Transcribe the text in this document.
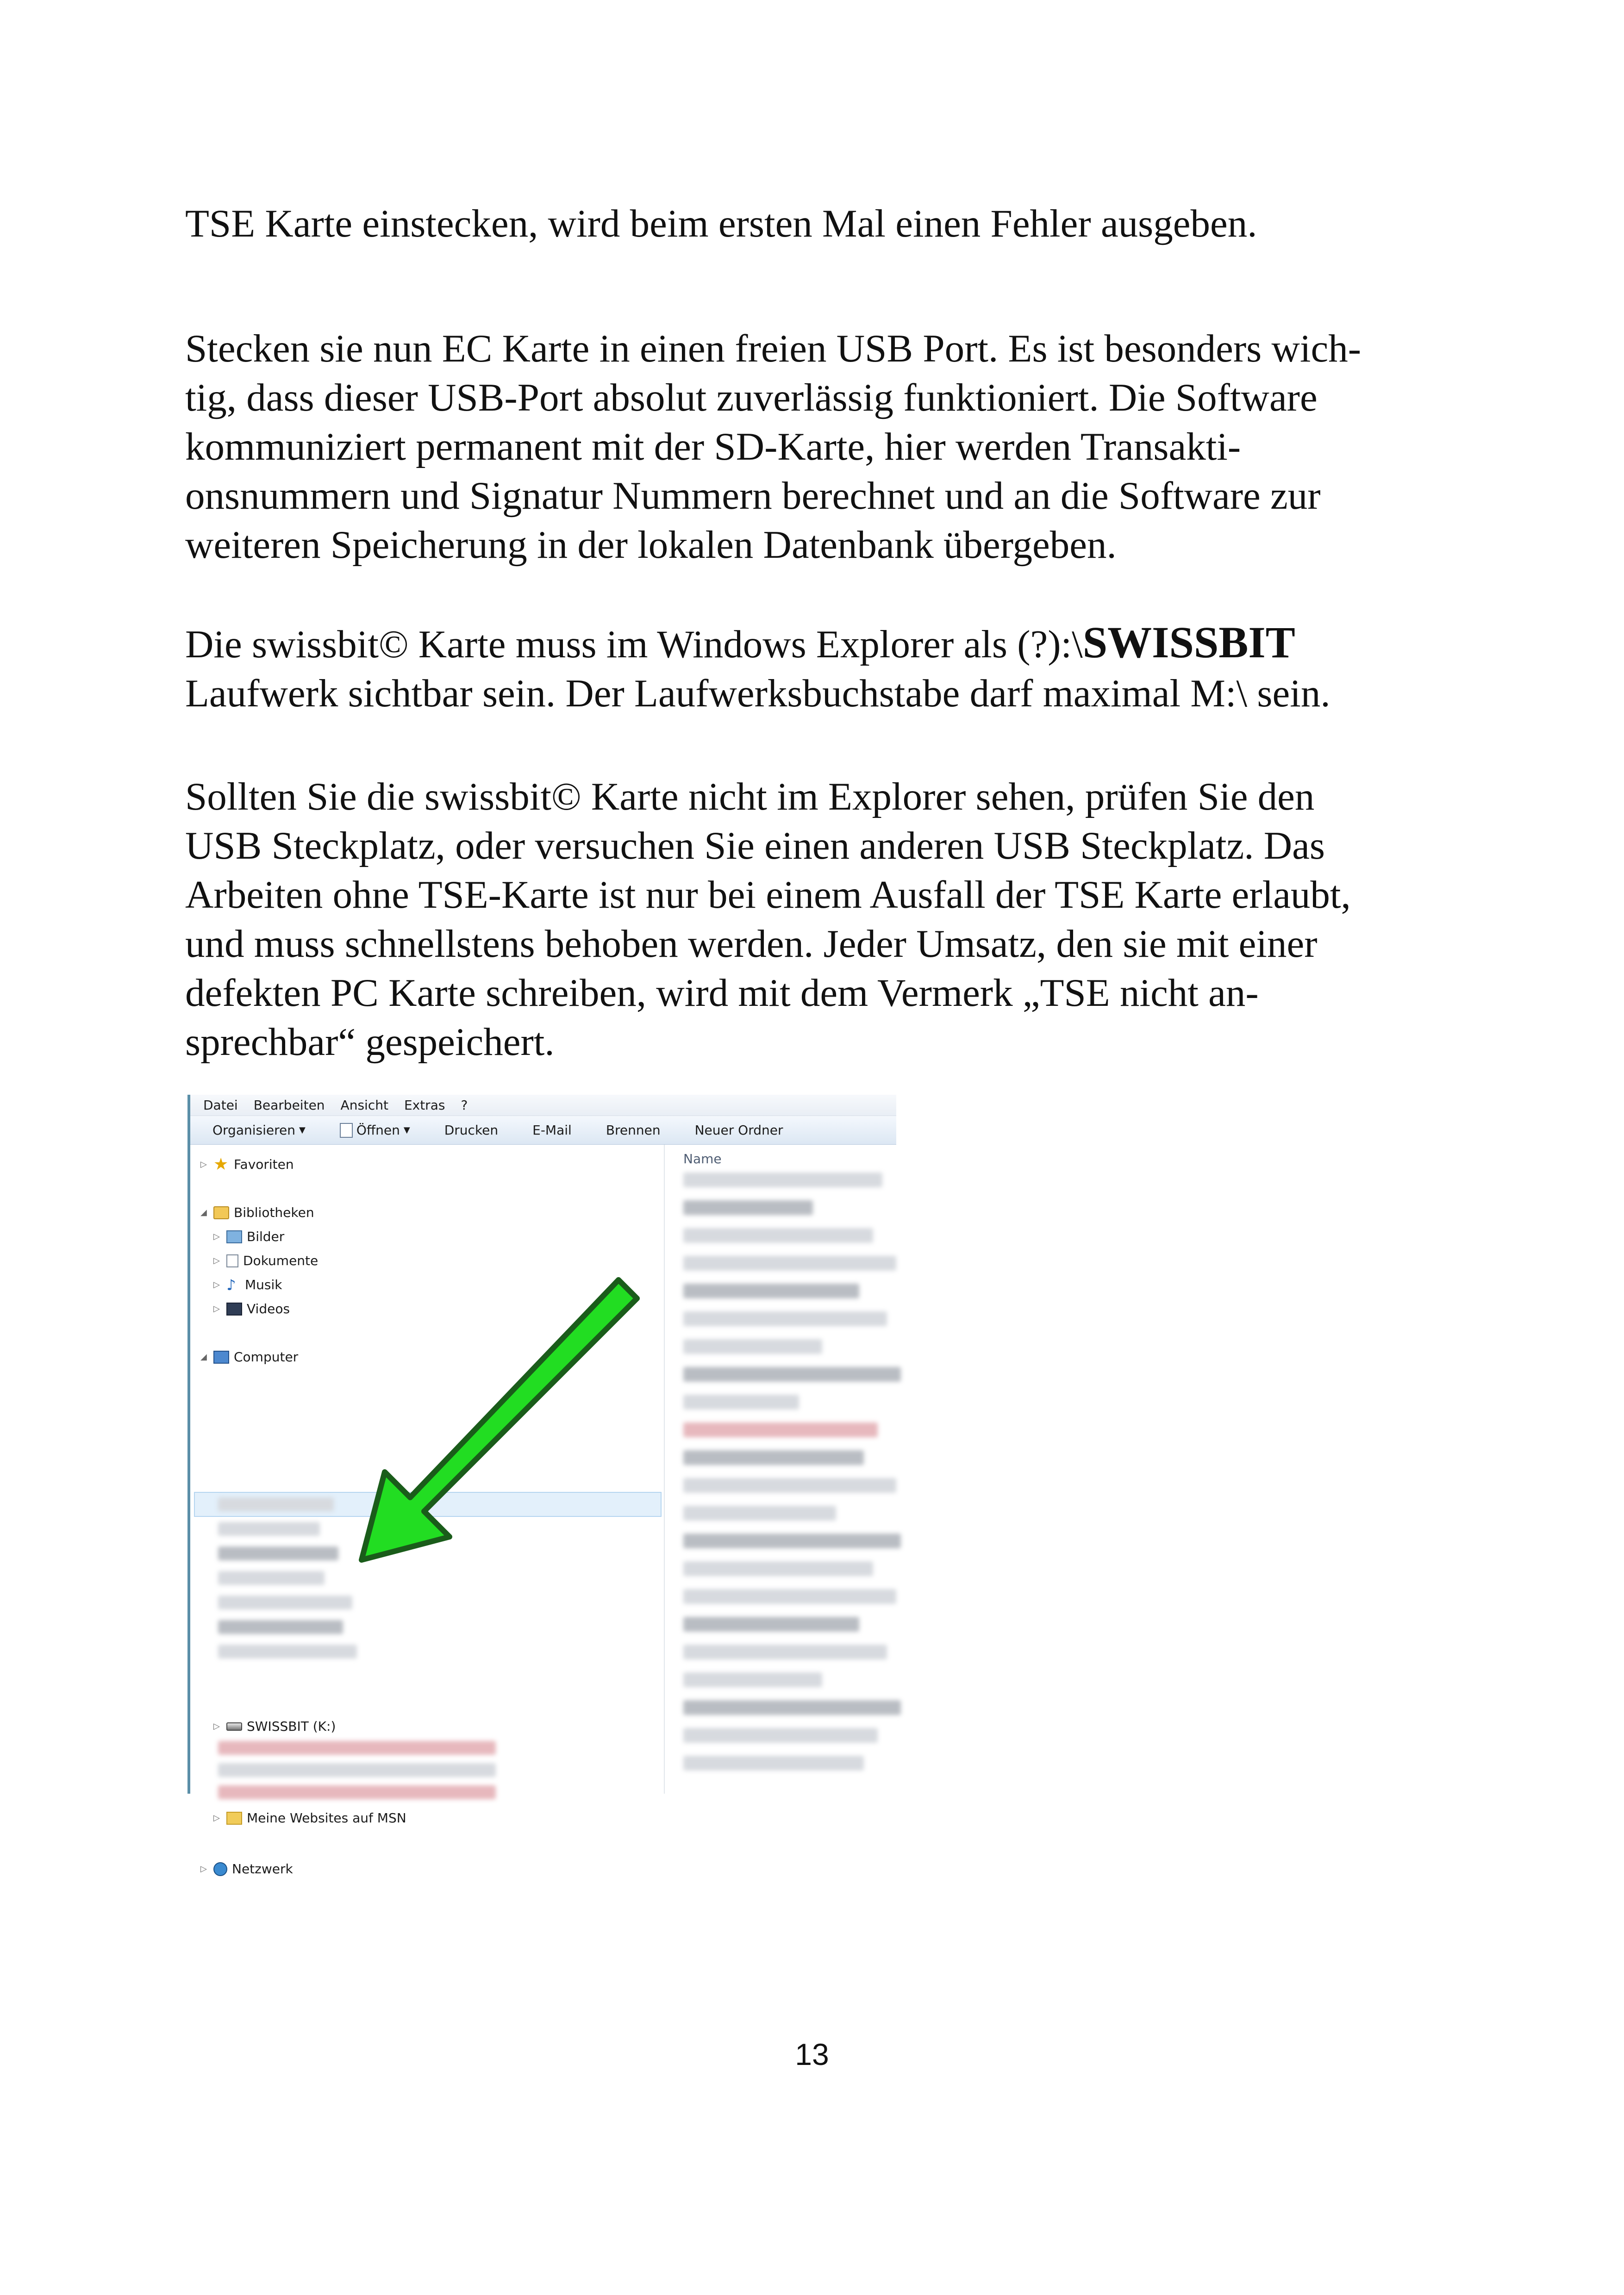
TSE Karte einstecken, wird beim ersten Mal einen Fehler ausgeben.

Stecken sie nun EC Karte in einen freien USB Port. Es ist besonders wich-
tig, dass dieser USB-Port absolut zuverlässig funktioniert. Die Software
kommuniziert permanent mit der SD-Karte, hier werden Transakti-
onsnummern und Signatur Nummern berechnet und an die Software zur
weiteren Speicherung in der lokalen Datenbank übergeben.

Die swissbit© Karte muss im Windows Explorer als (?):\SWISSBIT
Laufwerk sichtbar sein. Der Laufwerksbuchstabe darf maximal M:\ sein.

Sollten Sie die swissbit© Karte nicht im Explorer sehen, prüfen Sie den
USB Steckplatz, oder versuchen Sie einen anderen USB Steckplatz. Das
Arbeiten ohne TSE-Karte ist nur bei einem Ausfall der TSE Karte erlaubt,
und muss schnellstens behoben werden. Jeder Umsatz, den sie mit einer
defekten PC Karte schreiben, wird mit dem Vermerk „TSE nicht an-
sprechbar“ gespeichert.

Datei Bearbeiten Ansicht Extras ?
Organisieren ▼	Öffnen ▼	Drucken	E-Mail	Brennen	Neuer Ordner
▷ ★ Favoriten
◢ Bibliotheken
▷ Bilder
▷ Dokumente
▷ ♪ Musik
▷ Videos
◢ Computer
▷ SWISSBIT (K:)
▷ Meine Websites auf MSN
▷ Netzwerk
Name
13
